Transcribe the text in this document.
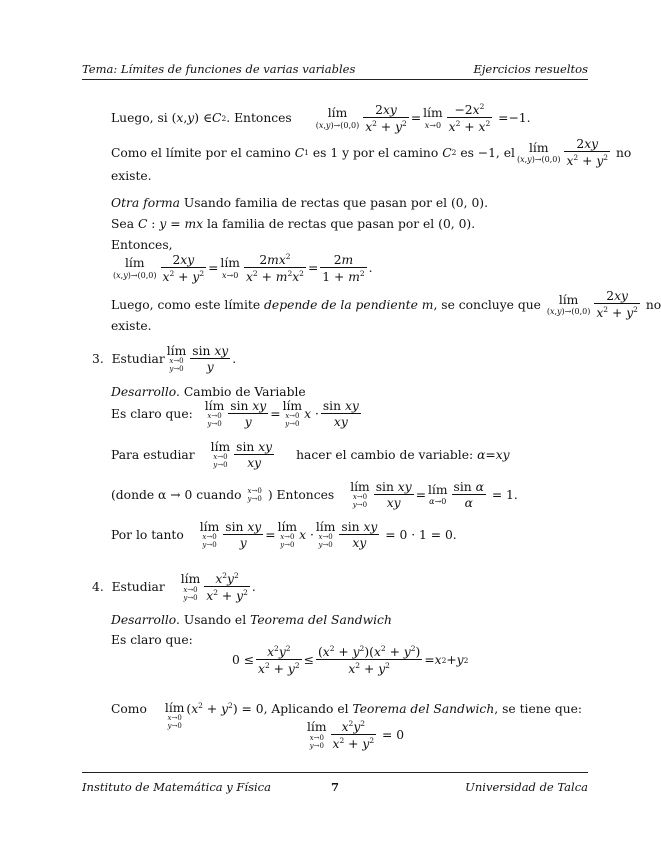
Tema: Límites de funciones de varias variables	Ejercicios resueltos
Luego, si ( x , y ) ∈ C 2 . Entonces	lím
$(x,y)\to(0,0) \frac{2xy}{x^2 + y^2}$ = lím
$x\to 0 \frac{-2x^2}{x^2 + x^2} = -1$.
Como el límite por el camino
C 1
es 1 y por el camino
C 2
es −1, el	lím
$(x,y)\to(0,0) \frac{2xy}{x^2 + y^2}$
no
existe.
Otra forma Usando familia de rectas que pasan por el (0, 0).
Sea C : y = mx la familia de rectas que pasan por el (0, 0).
Entonces,
lím
$(x,y)\to(0,0) \frac{2xy}{x^2 + y^2}$ = lím
$x\to 0 \frac{2mx^2}{x^2 + m^2x^2} = \frac{2m}{1 + m^2}$ .
Luego, como este límite
depende de la pendiente
m , se concluye que
	lím
$(x,y)\to(0,0) \frac{2xy}{x^2 + y^2}$
no
existe.
3.
Estudiar
lím
x→0
$y\to 0 \frac{\text{sin xy}}{y}$ .
Desarrollo. Cambio de Variable
Es claro que:
lím
x→0
$y\to 0 \frac{\text{sin xy}}{y}$ =
lím
x→0
y→0
$x \cdot \frac{\text{sin xy}}{xy}$
Para estudiar
lím
x→0
$y\to 0 \frac{\text{sin xy}}{xy}$ hacer el cambio de variable:
α = xy
(donde α → 0 cuando x→0
y→0 ) Entonces
lím
x→0
$y\to 0 \frac{\text{sin xy}}{xy}$ = lím
$\alpha\to 0 \frac{\text{sin α}}{\alpha} = 1$.
Por lo tanto
lím
x→0
$y\to 0 \frac{\text{sin xy}}{y}$ =
lím
x→0
y→0
x ·
lím
x→0
$y\to 0 \frac{\text{sin xy}}{xy}$
= 0 · 1 = 0.
4.
Estudiar
lím
x→0
$y\to 0 \frac{x^2y^2}{x^2 + y^2}$ .
Desarrollo. Usando el Teorema del Sandwich
Es claro que:
$0 \le \frac{x^2y^2}{x^2 + y^2} \le \frac{(x^2 + y^2)(x^2 + y^2)}{x^2 + y^2} = x$ 2 + y 2
Como lím
x→0
y→0
$(x^2 + y^2) = 0$ , Aplicando el
Teorema del Sandwich , se tiene que:
lím
x→0
$y\to 0 \frac{x^2y^2}{x^2 + y^2} = 0$
Instituto de Matemática y Física	7	Universidad de Talca
